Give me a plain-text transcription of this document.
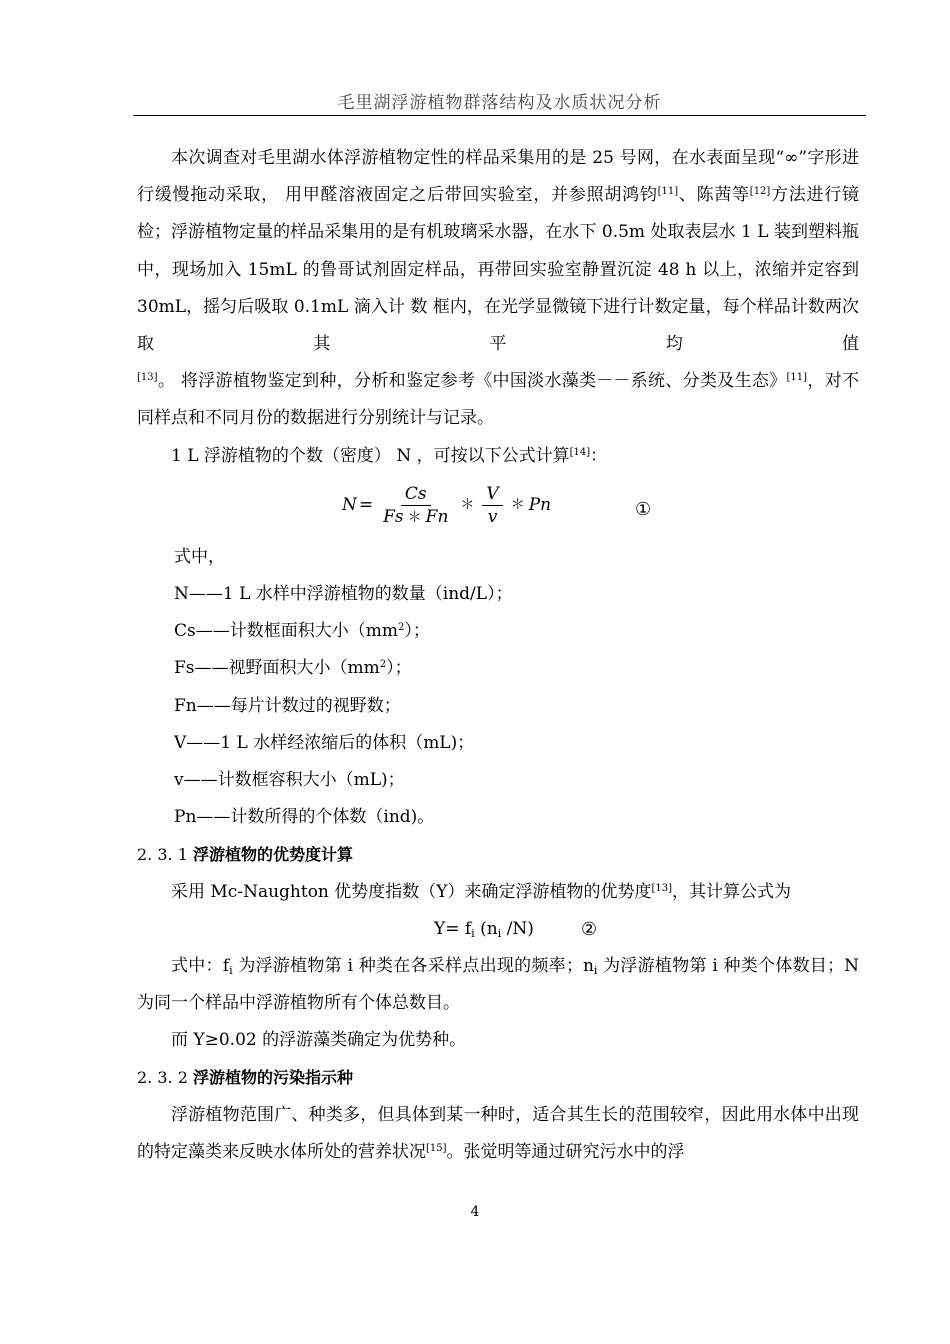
毛里湖浮游植物群落结构及水质状况分析

本次调查对毛里湖水体浮游植物定性的样品采集用的是 25 号网，在水表面呈现“∞”字形进行缓慢拖动采取， 用甲醛溶液固定之后带回实验室，并参照胡鸿钧[11]、陈茜等[12]方法进行镜检；浮游植物定量的样品采集用的是有机玻璃采水器，在水下 0.5m 处取表层水 1 L 装到塑料瓶中，现场加入 15mL 的鲁哥试剂固定样品，再带回实验室静置沉淀 48 h 以上，浓缩并定容到 30mL，摇匀后吸取 0.1mL 滴入计 数 框内，在光学显微镜下进行计数定量，每个样品计数两次取其平均值[13]。 将浮游植物鉴定到种，分析和鉴定参考《中国淡水藻类－－系统、分类及生态》[11]，对不同样点和不同月份的数据进行分别统计与记录。

1 L 浮游植物的个数（密度） N ，可按以下公式计算[14]：

$N = \frac{Cs}{Fs * Fn}$ ＊ $\frac{V}{v}$ ＊ Pn	①

式中，

N——1 L 水样中浮游植物的数量（ind/L）；

Cs——计数框面积大小$(mm^2)$；

Fs——视野面积大小$(mm^2)$；

Fn——每片计数过的视野数；

V——1 L 水样经浓缩后的体积（mL)；

v——计数框容积大小（mL)；

Pn——计数所得的个体数（ind)。

2. 3. 1 浮游植物的优势度计算

采用 Mc-Naughton 优势度指数（Y）来确定浮游植物的优势度[13]，其计算公式为

$Y= f_i$ ($n_i$ /N)	②

式中：$f_i$ 为浮游植物第 i 种类在各采样点出现的频率；$n_i$ 为浮游植物第 i 种类个体数目；N 为同一个样品中浮游植物所有个体总数目。

而 Y≥0.02 的浮游藻类确定为优势种。

2. 3. 2 浮游植物的污染指示种

浮游植物范围广、种类多，但具体到某一种时，适合其生长的范围较窄，因此用水体中出现的特定藻类来反映水体所处的营养状况[15]。张觉明等通过研究污水中的浮

4
